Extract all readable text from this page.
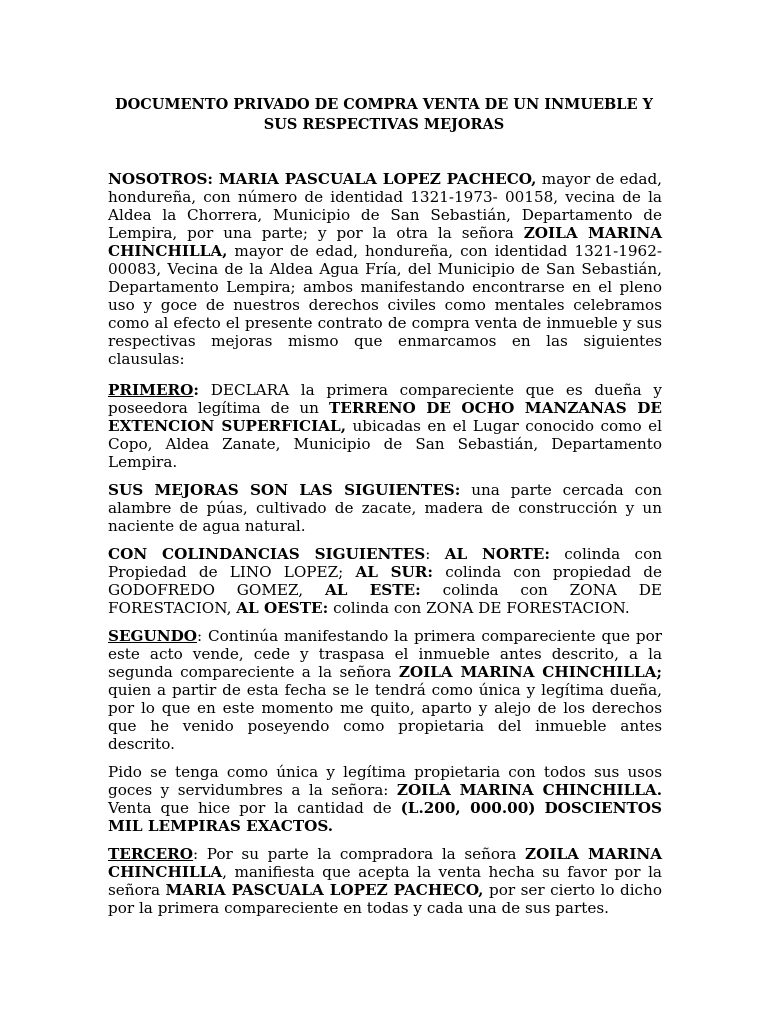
DOCUMENTO PRIVADO DE COMPRA VENTA DE UN INMUEBLE Y
SUS RESPECTIVAS MEJORAS

NOSOTROS: MARIA PASCUALA LOPEZ PACHECO, mayor de edad, hondureña, con número de identidad 1321-1973- 00158, vecina de la Aldea la Chorrera, Municipio de San Sebastián, Departamento de Lempira, por una parte; y por la otra la señora ZOILA MARINA CHINCHILLA, mayor de edad, hondureña, con identidad 1321-1962-00083, Vecina de la Aldea Agua Fría, del Municipio de San Sebastián, Departamento Lempira; ambos manifestando encontrarse en el pleno uso y goce de nuestros derechos civiles como mentales celebramos como al efecto el presente contrato de compra venta de inmueble y sus respectivas mejoras mismo que enmarcamos en las siguientes clausulas:

PRIMERO: DECLARA la primera compareciente que es dueña y poseedora legítima de un TERRENO DE OCHO MANZANAS DE EXTENCION SUPERFICIAL, ubicadas en el Lugar conocido como el Copo, Aldea Zanate, Municipio de San Sebastián, Departamento Lempira.

SUS MEJORAS SON LAS SIGUIENTES: una parte cercada con alambre de púas, cultivado de zacate, madera de construcción y un naciente de agua natural.

CON COLINDANCIAS SIGUIENTES: AL NORTE: colinda con Propiedad de LINO LOPEZ; AL SUR: colinda con propiedad de GODOFREDO GOMEZ, AL ESTE: colinda con ZONA DE FORESTACION, AL OESTE: colinda con ZONA DE FORESTACION.

SEGUNDO: Continúa manifestando la primera compareciente que por este acto vende, cede y traspasa el inmueble antes descrito, a la segunda compareciente a la señora ZOILA MARINA CHINCHILLA; quien a partir de esta fecha se le tendrá como única y legítima dueña, por lo que en este momento me quito, aparto y alejo de los derechos que he venido poseyendo como propietaria del inmueble antes descrito.

Pido se tenga como única y legítima propietaria con todos sus usos goces y servidumbres a la señora: ZOILA MARINA CHINCHILLA. Venta que hice por la cantidad de (L.200, 000.00) DOSCIENTOS MIL LEMPIRAS EXACTOS.

TERCERO: Por su parte la compradora la señora ZOILA MARINA CHINCHILLA, manifiesta que acepta la venta hecha su favor por la señora MARIA PASCUALA LOPEZ PACHECO, por ser cierto lo dicho por la primera compareciente en todas y cada una de sus partes.
